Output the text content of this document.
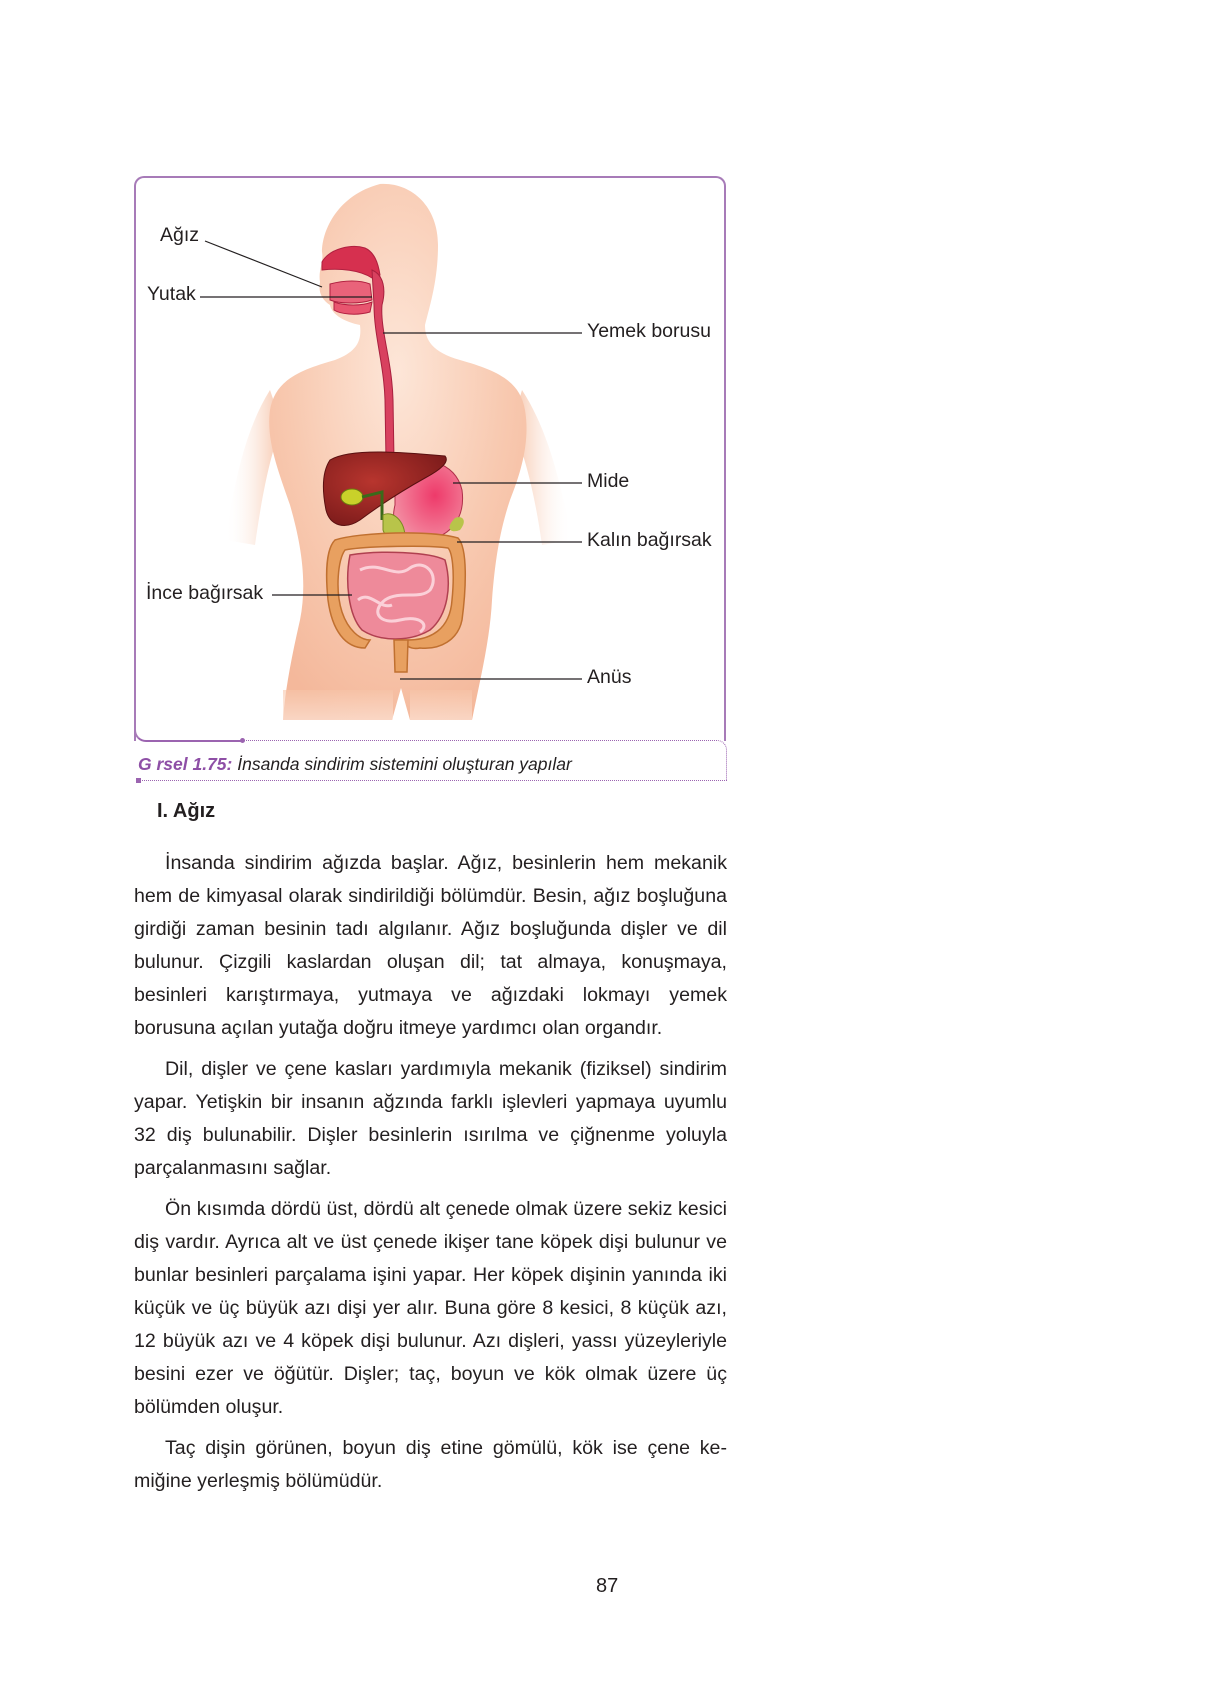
Ağız
Yutak
Yemek borusu
Mide
Kalın bağırsak
İnce bağırsak
Anüs
G rsel 1.75: İnsanda sindirim sistemini oluşturan yapılar
I. Ağız

İnsanda sindirim ağızda başlar. Ağız, besinlerin hem mekanik hem de kimyasal olarak sindirildiği bölümdür. Besin, ağız boşluğuna girdiği zaman besinin tadı algılanır. Ağız boşluğunda dişler ve dil bulunur. Çizgili kaslardan oluşan dil; tat almaya, konuşmaya, besinleri karıştırmaya, yutmaya ve ağızdaki lokmayı yemek borusuna açılan yutağa doğru itmeye yardımcı olan organdır.

Dil, dişler ve çene kasları yardımıyla mekanik (fiziksel) sindirim yapar. Yetişkin bir insanın ağzında farklı işlevleri yapmaya uyumlu 32 diş bulunabilir. Dişler besinlerin ısırılma ve çiğnenme yoluyla parçalanmasını sağlar.

Ön kısımda dördü üst, dördü alt çenede olmak üzere sekiz kesici diş vardır. Ayrıca alt ve üst çenede ikişer tane köpek dişi bulunur ve bunlar besinleri parçalama işini yapar. Her köpek dişinin yanında iki küçük ve üç büyük azı dişi yer alır. Buna göre 8 kesici, 8 küçük azı, 12 büyük azı ve 4 köpek dişi bulunur. Azı dişleri, yassı yüzeyleriyle besini ezer ve öğütür. Dişler; taç, boyun ve kök olmak üzere üç bölümden oluşur.

Taç dişin görünen, boyun diş etine gömülü, kök ise çene kemiğine yerleşmiş bölümüdür.

87
